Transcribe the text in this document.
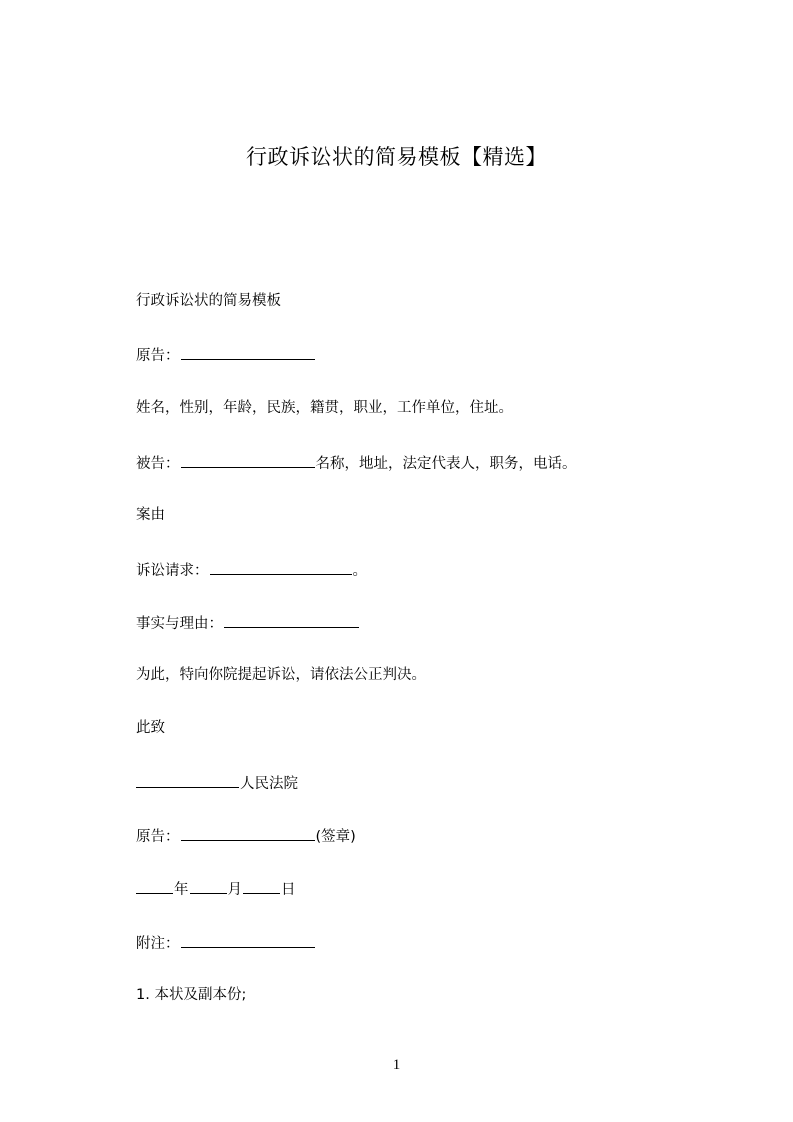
行政诉讼状的简易模板【精选】
行政诉讼状的简易模板
原告：
姓名，性别，年龄，民族，籍贯，职业，工作单位，住址。
被告：	名称，地址，法定代表人，职务，电话。
案由
诉讼请求：	。
事实与理由：
为此，特向你院提起诉讼，请依法公正判决。
此致
人民法院
原告：	(签章)
年	月	日
附注：
1. 本状及副本份;
1
